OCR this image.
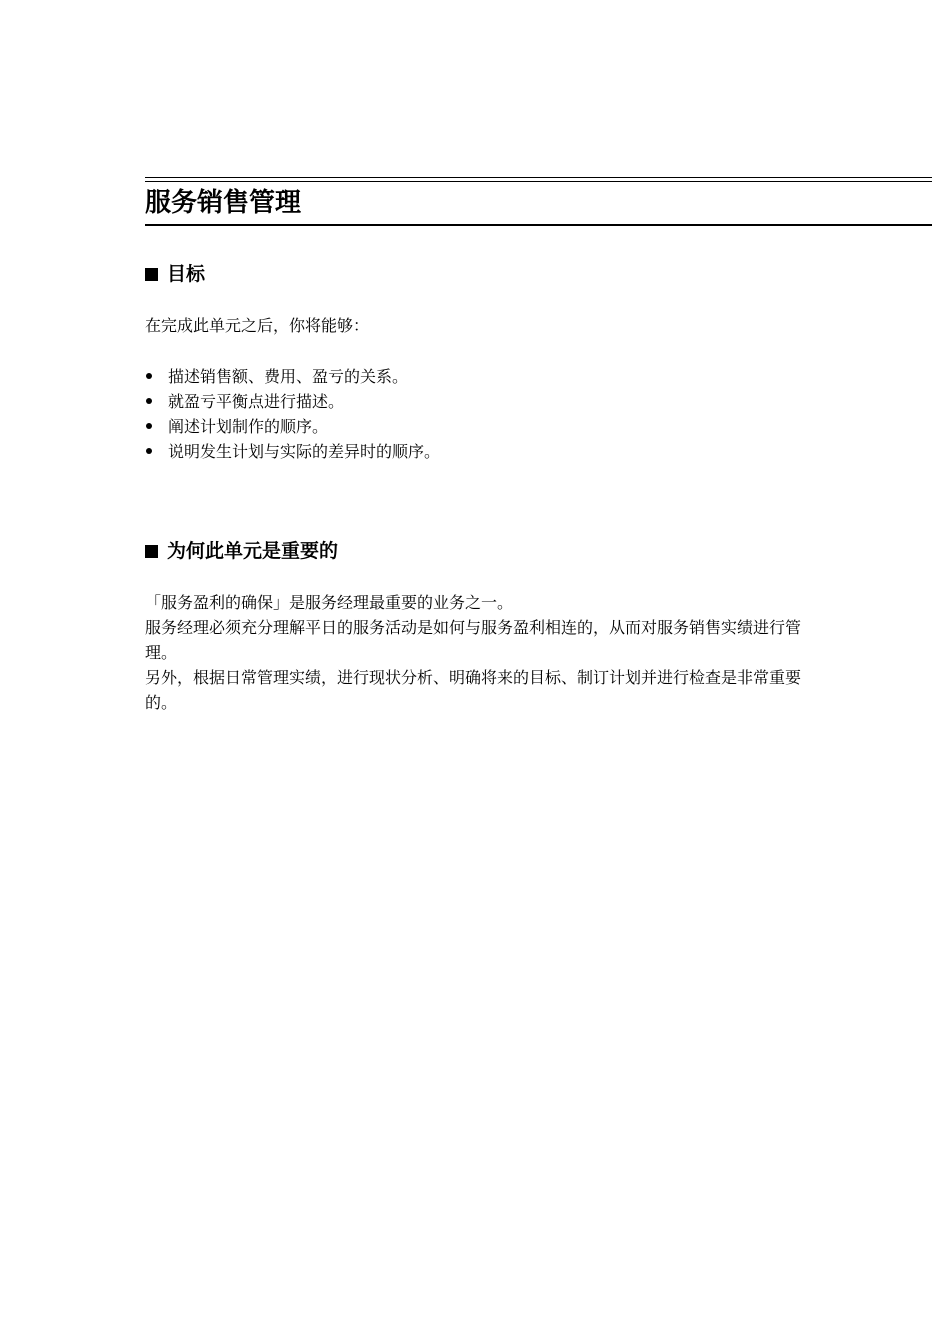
服务销售管理
目标
在完成此单元之后，你将能够：
描述销售额、费用、盈亏的关系。
就盈亏平衡点进行描述。
阐述计划制作的顺序。
说明发生计划与实际的差异时的顺序。
为何此单元是重要的

「服务盈利的确保」是服务经理最重要的业务之一。

服务经理必须充分理解平日的服务活动是如何与服务盈利相连的，从而对服务销售实绩进行管理。

另外，根据日常管理实绩，进行现状分析、明确将来的目标、制订计划并进行检查是非常重要的。
